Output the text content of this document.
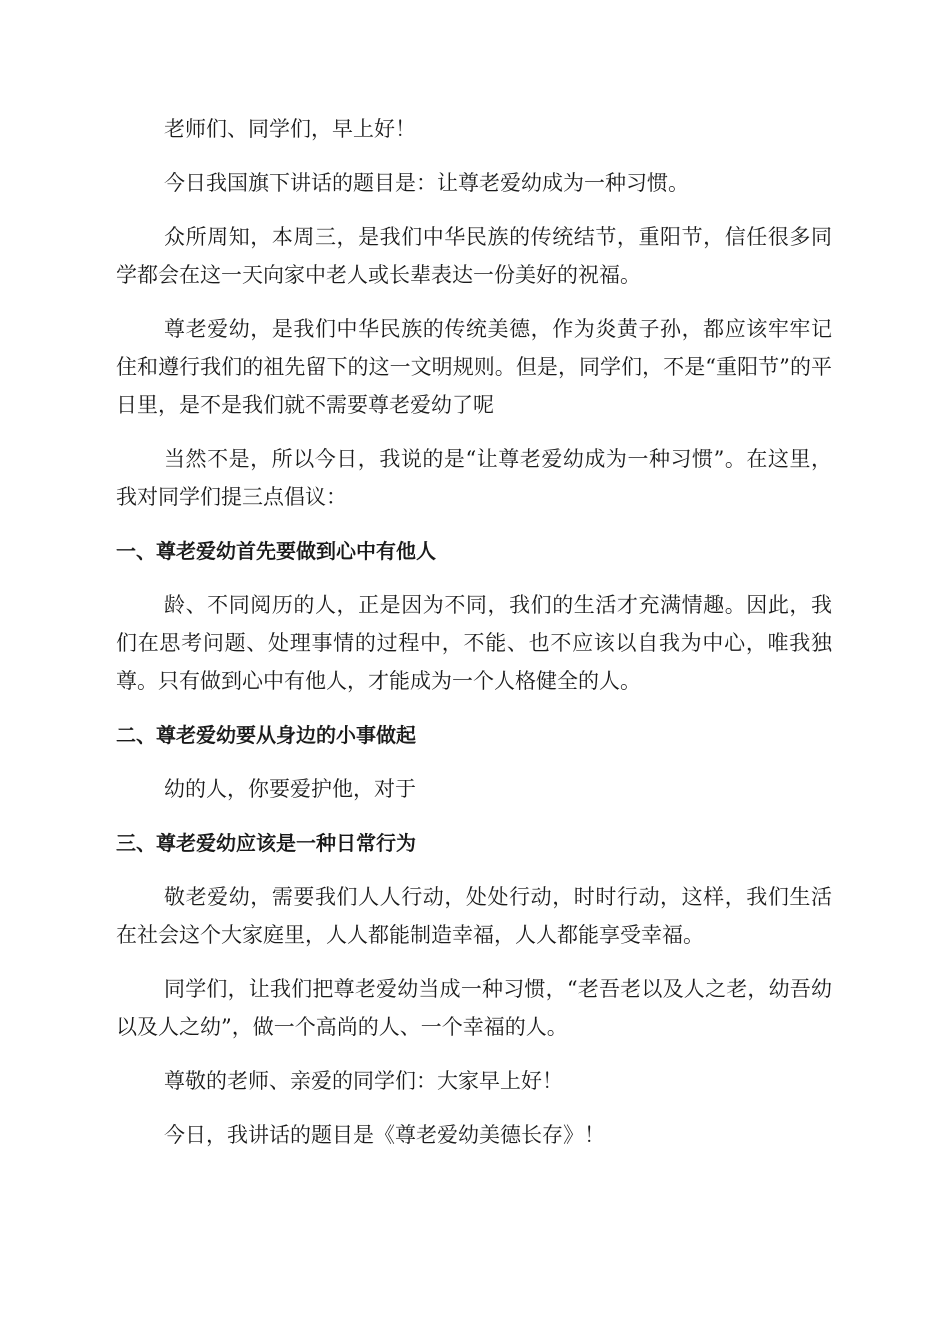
老师们、同学们，早上好！

今日我国旗下讲话的题目是：让尊老爱幼成为一种习惯。

众所周知，本周三，是我们中华民族的传统结节，重阳节，信任很多同学都会在这一天向家中老人或长辈表达一份美好的祝福。

尊老爱幼，是我们中华民族的传统美德，作为炎黄子孙，都应该牢牢记住和遵行我们的祖先留下的这一文明规则。但是，同学们，不是“重阳节”的平日里，是不是我们就不需要尊老爱幼了呢

当然不是，所以今日，我说的是“让尊老爱幼成为一种习惯”。在这里，我对同学们提三点倡议：

一、尊老爱幼首先要做到心中有他人

龄、不同阅历的人，正是因为不同，我们的生活才充满情趣。因此，我们在思考问题、处理事情的过程中，不能、也不应该以自我为中心，唯我独尊。只有做到心中有他人，才能成为一个人格健全的人。

二、尊老爱幼要从身边的小事做起

幼的人，你要爱护他，对于

三、尊老爱幼应该是一种日常行为

敬老爱幼，需要我们人人行动，处处行动，时时行动，这样，我们生活在社会这个大家庭里，人人都能制造幸福，人人都能享受幸福。

同学们，让我们把尊老爱幼当成一种习惯，“老吾老以及人之老，幼吾幼以及人之幼”，做一个高尚的人、一个幸福的人。

尊敬的老师、亲爱的同学们：大家早上好！

今日，我讲话的题目是《尊老爱幼美德长存》！
